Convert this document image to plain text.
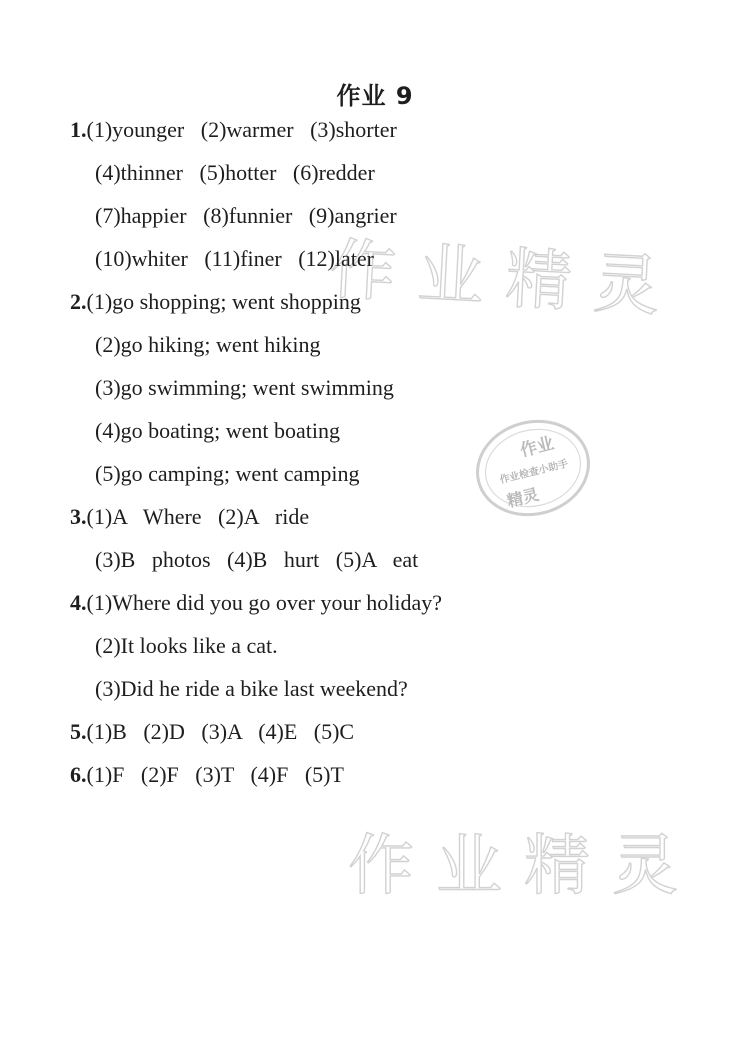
作业 9
作业精灵
作业精灵
作业
作业检查小助手
精灵
1.(1)younger   (2)warmer   (3)shorter
(4)thinner   (5)hotter   (6)redder
(7)happier   (8)funnier   (9)angrier
(10)whiter   (11)finer   (12)later
2.(1)go shopping; went shopping
(2)go hiking; went hiking
(3)go swimming; went swimming
(4)go boating; went boating
(5)go camping; went camping
3.(1)A   Where   (2)A   ride
(3)B   photos   (4)B   hurt   (5)A   eat
4.(1)Where did you go over your holiday?
(2)It looks like a cat.
(3)Did he ride a bike last weekend?
5.(1)B   (2)D   (3)A   (4)E   (5)C
6.(1)F   (2)F   (3)T   (4)F   (5)T
